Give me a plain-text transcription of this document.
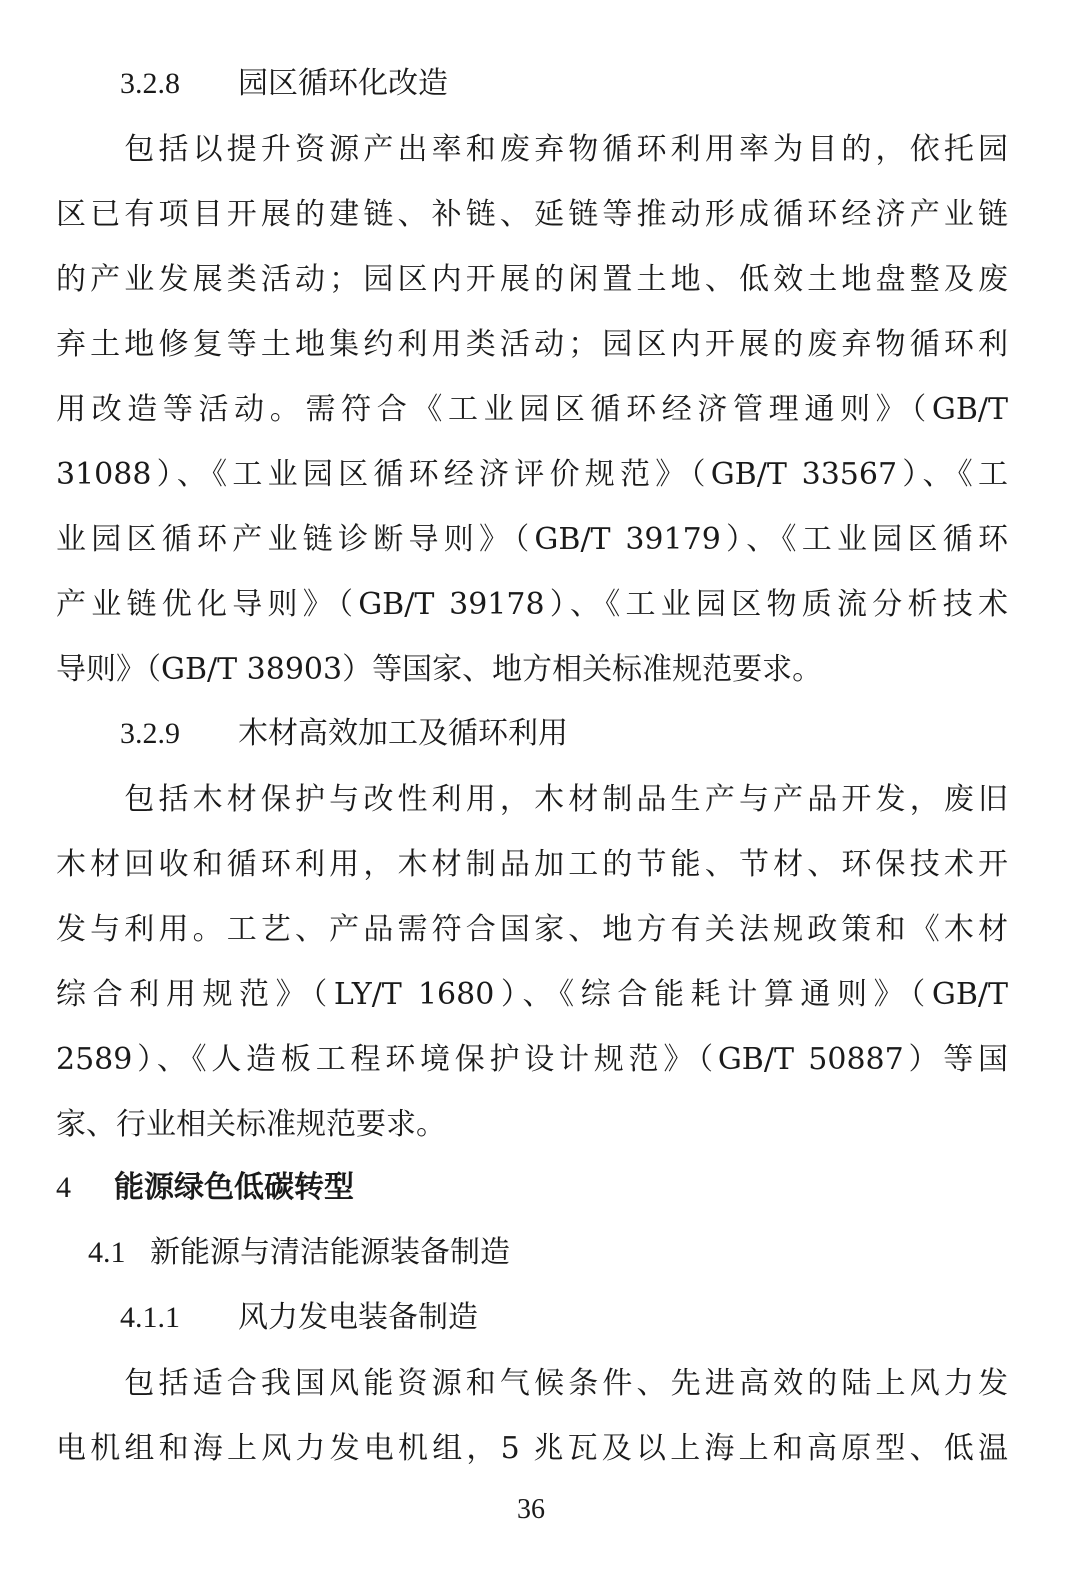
3.2.8 园区循环化改造
　　包括以提升资源产出率和废弃物循环利用率为目的，依托园
区已有项目开展的建链、补链、延链等推动形成循环经济产业链
的产业发展类活动；园区内开展的闲置土地、低效土地盘整及废
弃土地修复等土地集约利用类活动；园区内开展的废弃物循环利
用改造等活动。需符合《工业园区循环经济管理通则》（GB/T
31088）、《工业园区循环经济评价规范》（GB/T 33567）、《工
业园区循环产业链诊断导则》（GB/T 39179）、《工业园区循环
产业链优化导则》（GB/T 39178）、《工业园区物质流分析技术
导则》（GB/T 38903）等国家、地方相关标准规范要求。
3.2.9 木材高效加工及循环利用
　　包括木材保护与改性利用，木材制品生产与产品开发，废旧
木材回收和循环利用，木材制品加工的节能、节材、环保技术开
发与利用。工艺、产品需符合国家、地方有关法规政策和《木材
综合利用规范》（LY/T 1680）、《综合能耗计算通则》（GB/T
2589）、《人造板工程环境保护设计规范》（GB/T 50887）等国
家、行业相关标准规范要求。
4 能源绿色低碳转型
4.1 新能源与清洁能源装备制造
4.1.1 风力发电装备制造
　　包括适合我国风能资源和气候条件、先进高效的陆上风力发
电机组和海上风力发电机组，5 兆瓦及以上海上和高原型、低温
36
